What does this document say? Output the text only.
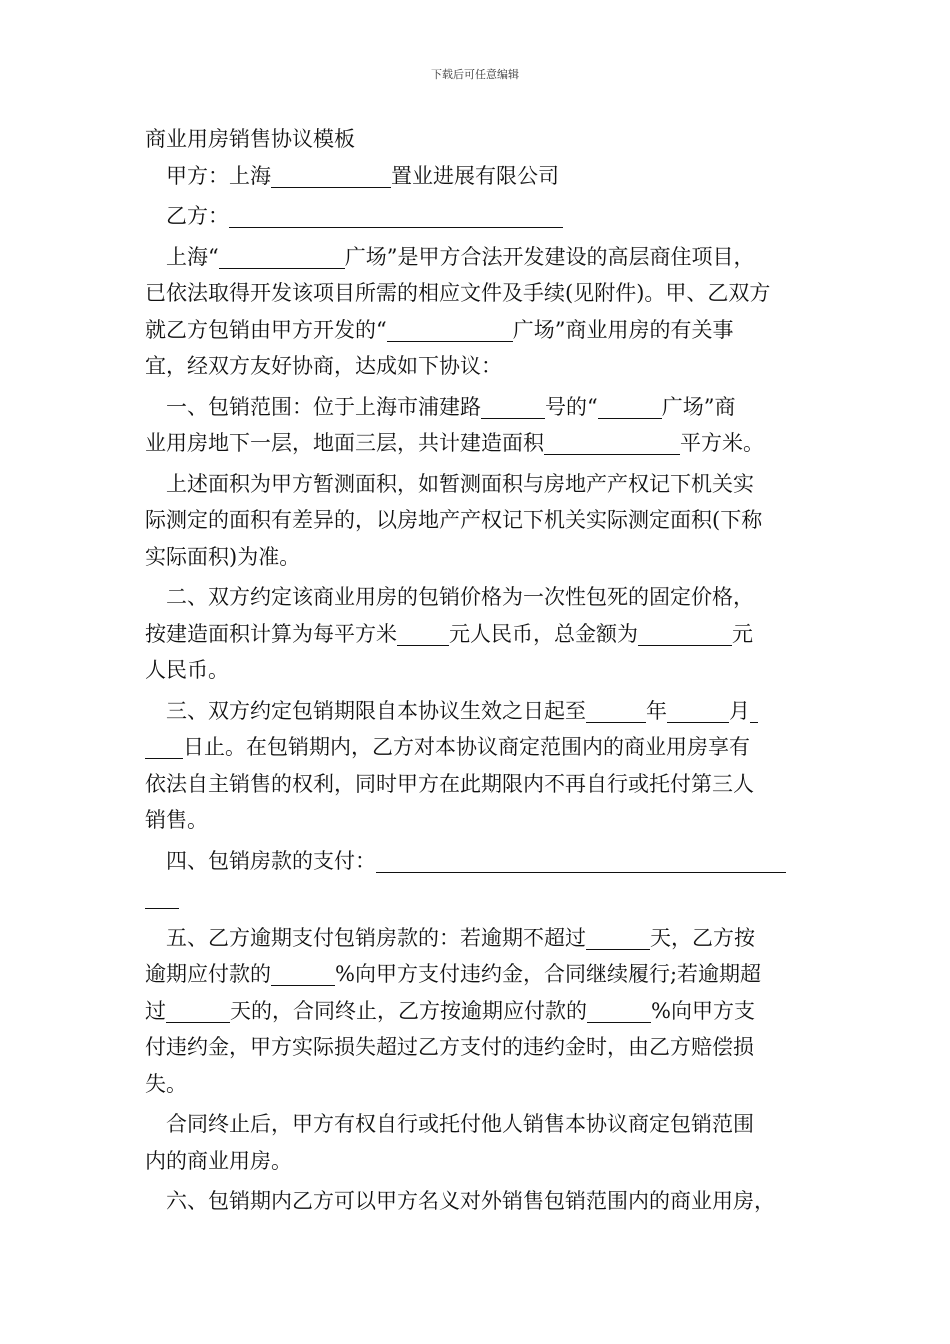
下载后可任意编辑
商业用房销售协议模板
甲方：上海	置业进展有限公司
乙方：
上海“	广场”是甲方合法开发建设的高层商住项目，
已依法取得开发该项目所需的相应文件及手续(见附件)。甲、乙双方
就乙方包销由甲方开发的“	广场”商业用房的有关事
宜，经双方友好协商，达成如下协议：
一、包销范围：位于上海市浦建路	号的“	广场”商
业用房地下一层，地面三层，共计建造面积	平方米。
上述面积为甲方暂测面积，如暂测面积与房地产产权记下机关实
际测定的面积有差异的，以房地产产权记下机关实际测定面积(下称
实际面积)为准。
二、双方约定该商业用房的包销价格为一次性包死的固定价格，
按建造面积计算为每平方米 元人民币，总金额为	元
人民币。
三、双方约定包销期限自本协议生效之日起至	年	月
日止。在包销期内，乙方对本协议商定范围内的商业用房享有
依法自主销售的权利，同时甲方在此期限内不再自行或托付第三人
销售。
四、包销房款的支付：
五、乙方逾期支付包销房款的：若逾期不超过	天，乙方按
逾期应付款的	%向甲方支付违约金，合同继续履行;若逾期超
过	天的，合同终止，乙方按逾期应付款的	%向甲方支
付违约金，甲方实际损失超过乙方支付的违约金时，由乙方赔偿损
失。
合同终止后，甲方有权自行或托付他人销售本协议商定包销范围
内的商业用房。
六、包销期内乙方可以甲方名义对外销售包销范围内的商业用房，
